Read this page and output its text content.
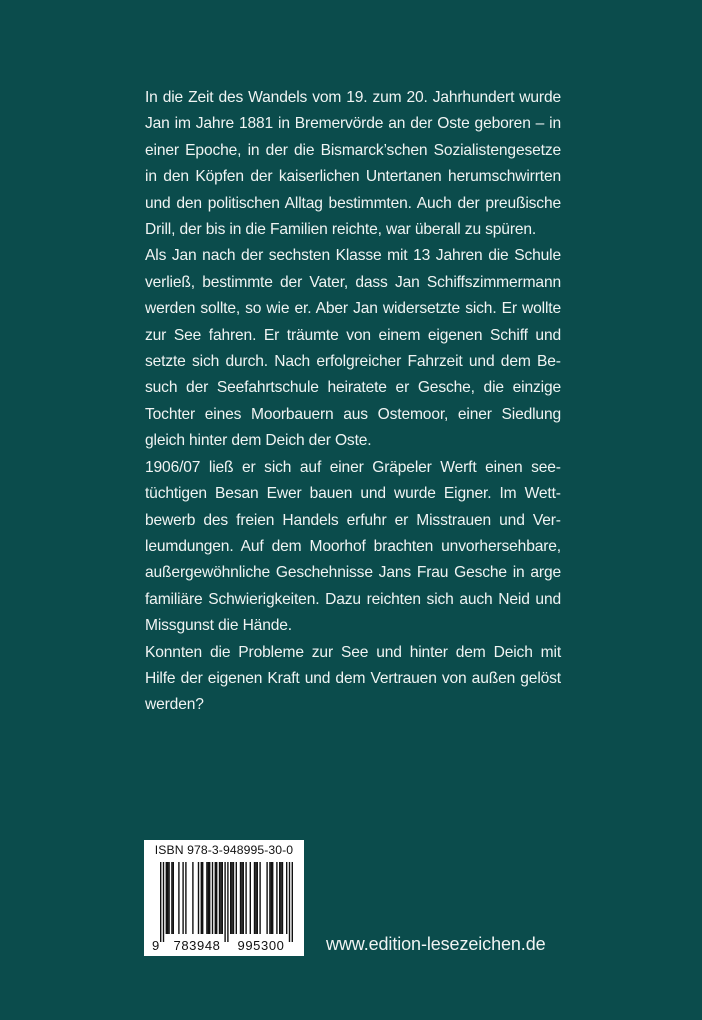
In die Zeit des Wandels vom 19. zum 20. Jahrhundert wurde Jan im Jahre 1881 in Bremervörde an der Oste geboren – in einer Epoche, in der die Bismarck’schen Sozialistengesetze in den Köpfen der kaiserlichen Untertanen herumschwirrten und den politischen Alltag bestimmten. Auch der preußische Drill, der bis in die Familien reichte, war überall zu spüren.

Als Jan nach der sechsten Klasse mit 13 Jahren die Schule verließ, bestimmte der Vater, dass Jan Schiffszimmermann werden sollte, so wie er. Aber Jan widersetzte sich. Er wollte zur See fahren. Er träumte von einem eigenen Schiff und setzte sich durch. Nach erfolgreicher Fahrzeit und dem Besuch der Seefahrtschule heiratete er Gesche, die einzige Tochter eines Moorbauern aus Ostemoor, einer Siedlung gleich hinter dem Deich der Oste.

1906/07 ließ er sich auf einer Gräpeler Werft einen seetüchtigen Besan Ewer bauen und wurde Eigner. Im Wettbewerb des freien Handels erfuhr er Misstrauen und Verleumdungen. Auf dem Moorhof brachten unvorhersehbare, außergewöhnliche Geschehnisse Jans Frau Gesche in arge familiäre Schwierigkeiten. Dazu reichten sich auch Neid und Missgunst die Hände.

Konnten die Probleme zur See und hinter dem Deich mit Hilfe der eigenen Kraft und dem Vertrauen von außen gelöst werden?

ISBN 978-3-948995-30-0
9	783948	995300	www.edition-lesezeichen.de
